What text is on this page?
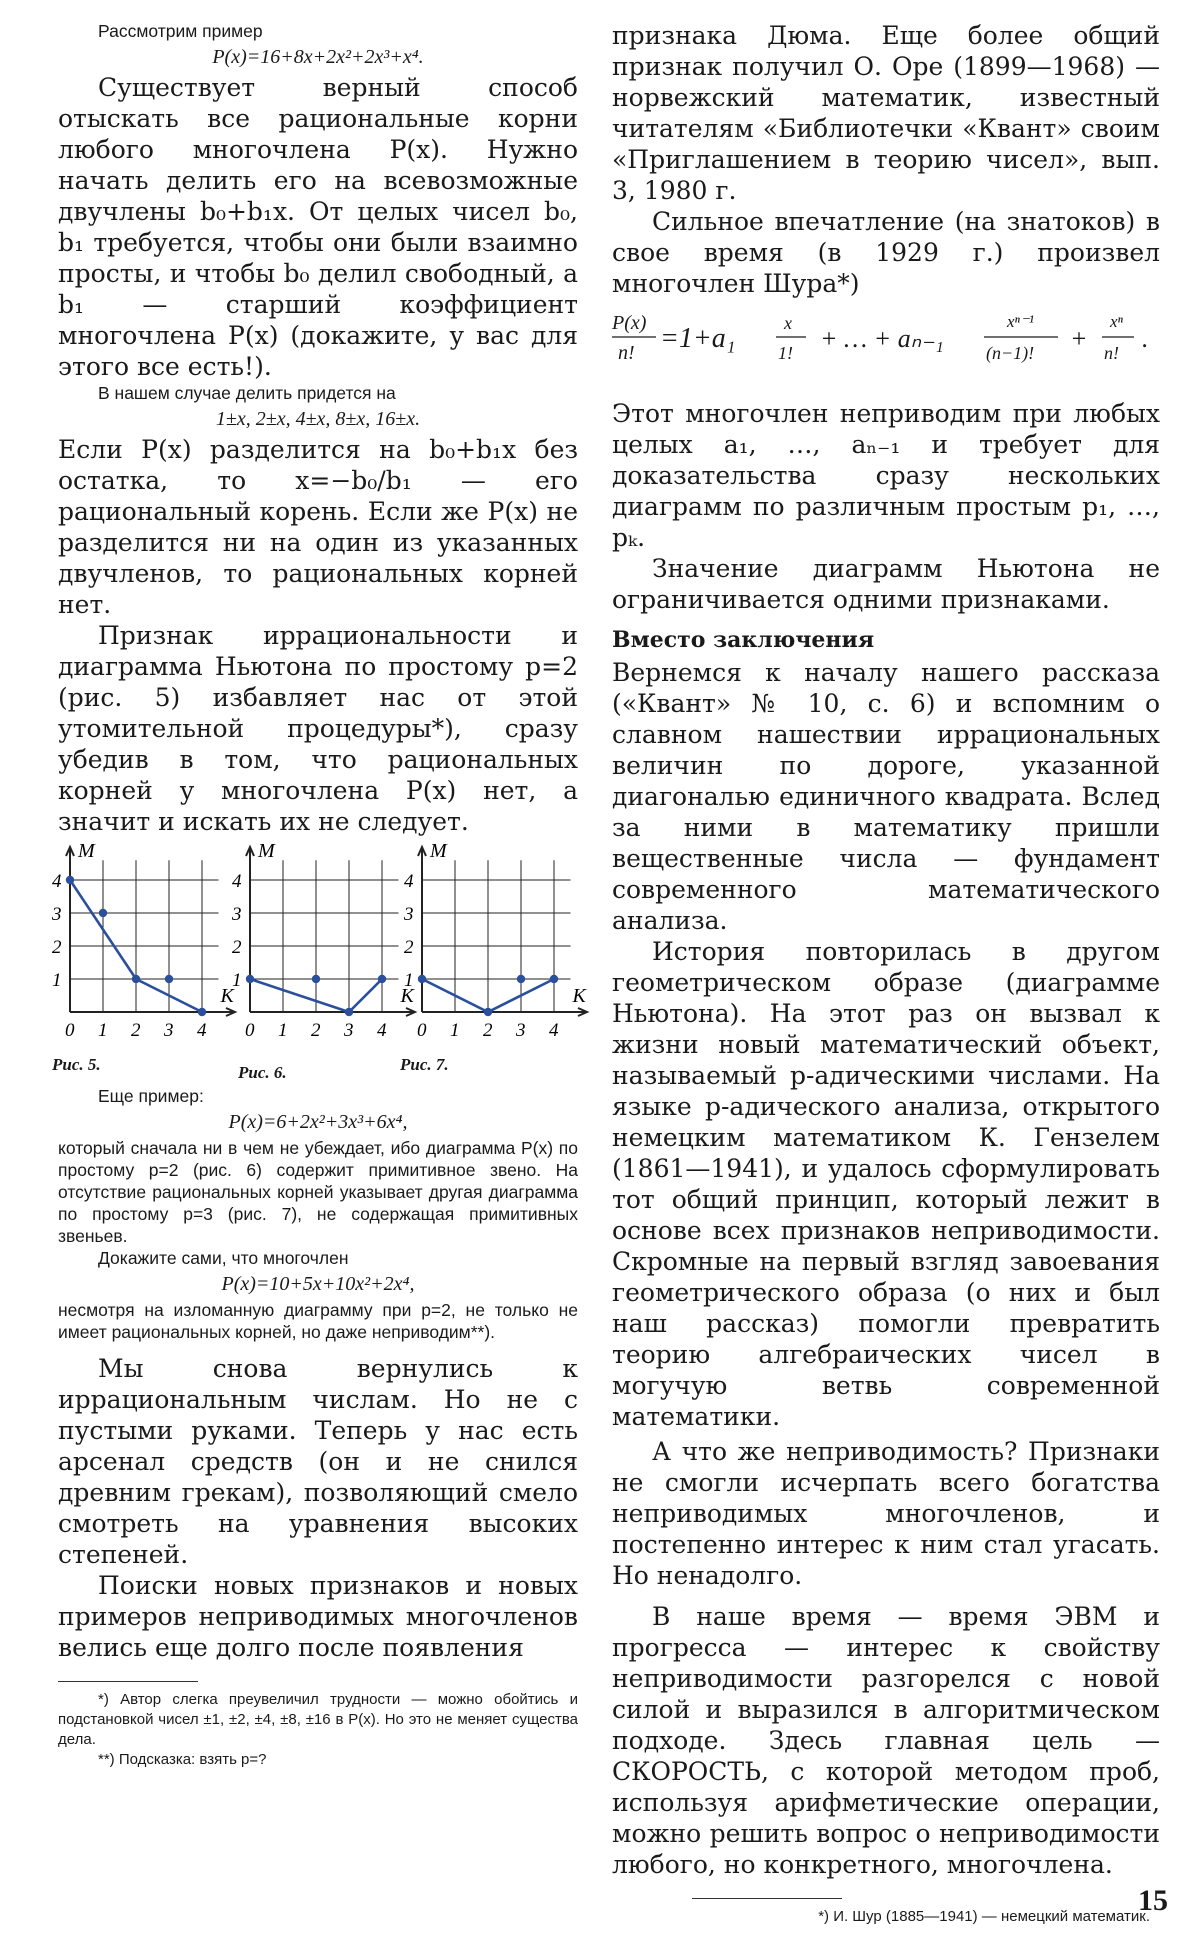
Рассмотрим пример

P(x)=16+8x+2x²+2x³+x⁴.

Существует верный способ отыскать все рациональные корни любого многочлена P(x). Нужно начать делить его на всевозможные двучлены b₀+b₁x. От целых чисел b₀, b₁ требуется, чтобы они были взаимно просты, и чтобы b₀ делил свободный, а b₁ — старший коэффициент многочлена P(x) (докажите, у вас для этого все есть!).

В нашем случае делить придется на

1±x, 2±x, 4±x, 8±x, 16±x.

Если P(x) разделится на b₀+b₁x без остатка, то x=−b₀/b₁ — его рациональный корень. Если же P(x) не разделится ни на один из указанных двучленов, то рациональных корней нет.

Признак иррациональности и диаграмма Ньютона по простому p=2 (рис. 5) избавляет нас от этой утомительной процедуры*), сразу убедив в том, что рациональных корней у многочлена P(x) нет, а значит и искать их не следует.

M
K
0 1 2 3 4
1
2
3
4
M
K
0 1 2 3 4
1
2
3
4
M
K
0 1 2 3 4
1
2
3
4
Рис. 5.	Рис. 6.	Рис. 7.

Еще пример:

P(x)=6+2x²+3x³+6x⁴,

который сначала ни в чем не убеждает, ибо диаграмма P(x) по простому p=2 (рис. 6) содержит примитивное звено. На отсутствие рациональных корней указывает другая диаграмма по простому p=3 (рис. 7), не содержащая примитивных звеньев.

Докажите сами, что многочлен

P(x)=10+5x+10x²+2x⁴,

несмотря на изломанную диаграмму при p=2, не только не имеет рациональных корней, но даже неприводим**).

Мы снова вернулись к иррациональным числам. Но не с пустыми руками. Теперь у нас есть арсенал средств (он и не снился древним грекам), позволяющий смело смотреть на уравнения высоких степеней.

Поиски новых признаков и новых примеров неприводимых многочленов велись еще долго после появления

*) Автор слегка преувеличил трудности — можно обойтись и подстановкой чисел ±1, ±2, ±4, ±8, ±16 в P(x). Но это не меняет существа дела.

**) Подсказка: взять p=?

признака Дюма. Еще более общий признак получил О. Оре (1899—1968) — норвежский математик, известный читателям «Библиотечки «Квант» своим «Приглашением в теорию чисел», вып. 3, 1980 г.

Сильное впечатление (на знатоков) в свое время (в 1929 г.) произвел многочлен Шура*)

P(x)
n! =1+a₁	x
1! + … + aₙ₋₁
xⁿ⁻¹
(n−1)! +
xⁿ
n! .

Этот многочлен неприводим при любых целых a₁, …, aₙ₋₁ и требует для доказательства сразу нескольких диаграмм по различным простым p₁, …, pₖ.

Значение диаграмм Ньютона не ограничивается одними признаками.

Вместо заключения

Вернемся к началу нашего рассказа («Квант» № 10, с. 6) и вспомним о славном нашествии иррациональных величин по дороге, указанной диагональю единичного квадрата. Вслед за ними в математику пришли вещественные числа — фундамент современного математического анализа.

История повторилась в другом геометрическом образе (диаграмме Ньютона). На этот раз он вызвал к жизни новый математический объект, называемый p-адическими числами. На языке p-адического анализа, открытого немецким математиком К. Гензелем (1861—1941), и удалось сформулировать тот общий принцип, который лежит в основе всех признаков неприводимости. Скромные на первый взгляд завоевания геометрического образа (о них и был наш рассказ) помогли превратить теорию алгебраических чисел в могучую ветвь современной математики.

А что же неприводимость? Признаки не смогли исчерпать всего богатства неприводимых многочленов, и постепенно интерес к ним стал угасать. Но ненадолго.

В наше время — время ЭВМ и прогресса — интерес к свойству неприводимости разгорелся с новой силой и выразился в алгоритмическом подходе. Здесь главная цель — СКОРОСТЬ, с которой методом проб, используя арифметические операции, можно решить вопрос о неприводимости любого, но конкретного, многочлена.

*) И. Шур (1885—1941) — немецкий математик.

15
